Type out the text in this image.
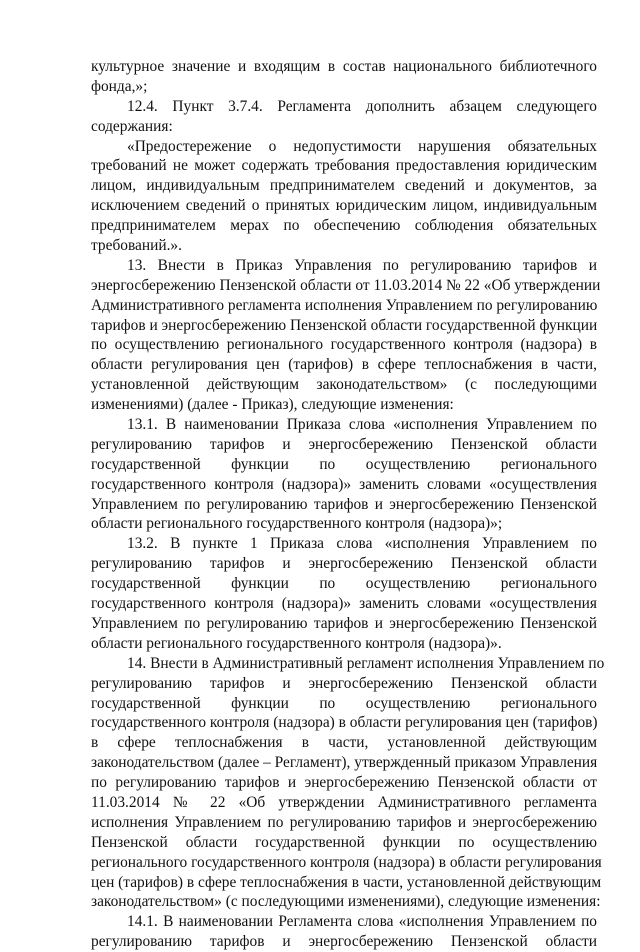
культурное значение и входящим в состав национального библиотечного
фонда,»;
12.4. Пункт 3.7.4. Регламента дополнить абзацем следующего
содержания:
«Предостережение о недопустимости нарушения обязательных
требований не может содержать требования предоставления юридическим
лицом, индивидуальным предпринимателем сведений и документов, за
исключением сведений о принятых юридическим лицом, индивидуальным
предпринимателем мерах по обеспечению соблюдения обязательных
требований.».
13. Внести в Приказ Управления по регулированию тарифов и
энергосбережению Пензенской области от 11.03.2014 № 22 «Об утверждении
Административного регламента исполнения Управлением по регулированию
тарифов и энергосбережению Пензенской области государственной функции
по осуществлению регионального государственного контроля (надзора) в
области регулирования цен (тарифов) в сфере теплоснабжения в части,
установленной действующим законодательством» (с последующими
изменениями) (далее - Приказ), следующие изменения:
13.1. В наименовании Приказа слова «исполнения Управлением по
регулированию тарифов и энергосбережению Пензенской области
государственной функции по осуществлению регионального
государственного контроля (надзора)» заменить словами «осуществления
Управлением по регулированию тарифов и энергосбережению Пензенской
области регионального государственного контроля (надзора)»;
13.2. В пункте 1 Приказа слова «исполнения Управлением по
регулированию тарифов и энергосбережению Пензенской области
государственной функции по осуществлению регионального
государственного контроля (надзора)» заменить словами «осуществления
Управлением по регулированию тарифов и энергосбережению Пензенской
области регионального государственного контроля (надзора)».
14. Внести в Административный регламент исполнения Управлением по
регулированию тарифов и энергосбережению Пензенской области
государственной функции по осуществлению регионального
государственного контроля (надзора) в области регулирования цен (тарифов)
в сфере теплоснабжения в части, установленной действующим
законодательством (далее – Регламент), утвержденный приказом Управления
по регулированию тарифов и энергосбережению Пензенской области от
11.03.2014 № 22 «Об утверждении Административного регламента
исполнения Управлением по регулированию тарифов и энергосбережению
Пензенской области государственной функции по осуществлению
регионального государственного контроля (надзора) в области регулирования
цен (тарифов) в сфере теплоснабжения в части, установленной действующим
законодательством» (с последующими изменениями), следующие изменения:
14.1. В наименовании Регламента слова «исполнения Управлением по
регулированию тарифов и энергосбережению Пензенской области
